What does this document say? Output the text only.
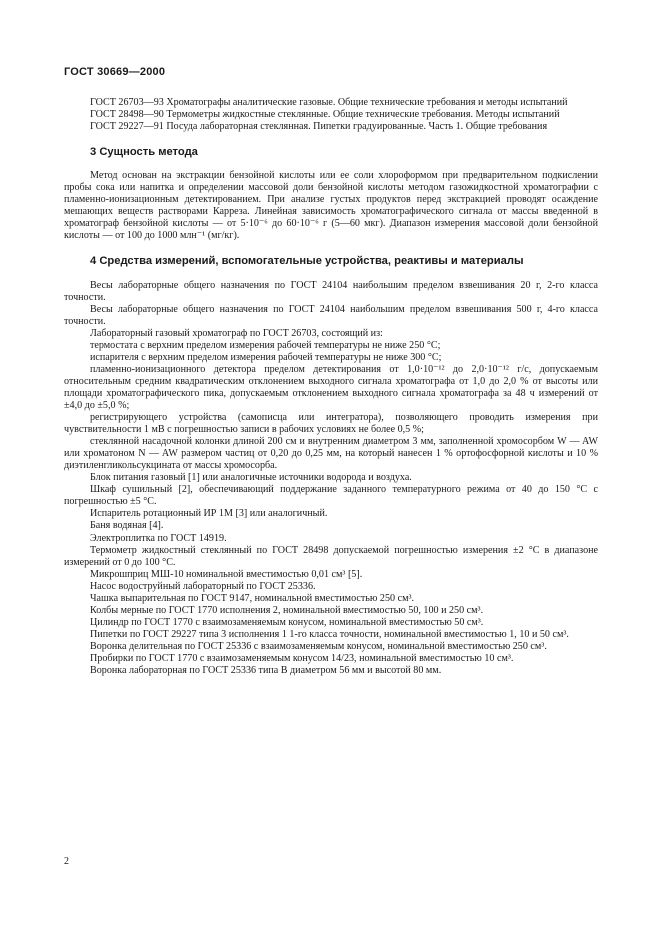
ГОСТ 30669—2000

ГОСТ 26703—93 Хроматографы аналитические газовые. Общие технические требования и методы испытаний

ГОСТ 28498—90 Термометры жидкостные стеклянные. Общие технические требования. Методы испытаний

ГОСТ 29227—91 Посуда лабораторная стеклянная. Пипетки градуированные. Часть 1. Общие требования

3 Сущность метода

Метод основан на экстракции бензойной кислоты или ее соли хлороформом при предварительном подкислении пробы сока или напитка и определении массовой доли бензойной кислоты методом газожидкостной хроматографии с пламенно-ионизационным детектированием. При анализе густых продуктов перед экстракцией проводят осаждение мешающих веществ растворами Карреза. Линейная зависимость хроматографического сигнала от массы введенной в хроматограф бензойной кислоты — от 5·10⁻⁶ до 60·10⁻⁶ г (5—60 мкг). Диапазон измерения массовой доли бензойной кислоты — от 100 до 1000 млн⁻¹ (мг/кг).

4 Средства измерений, вспомогательные устройства, реактивы и материалы

Весы лабораторные общего назначения по ГОСТ 24104 наибольшим пределом взвешивания 20 г, 2-го класса точности.

Весы лабораторные общего назначения по ГОСТ 24104 наибольшим пределом взвешивания 500 г, 4-го класса точности.

Лабораторный газовый хроматограф по ГОСТ 26703, состоящий из:

термостата с верхним пределом измерения рабочей температуры не ниже 250 °С;

испарителя с верхним пределом измерения рабочей температуры не ниже 300 °С;

пламенно-ионизационного детектора пределом детектирования от 1,0·10⁻¹² до 2,0·10⁻¹² г/с, допускаемым относительным средним квадратическим отклонением выходного сигнала хроматографа от 1,0 до 2,0 % от высоты или площади хроматографического пика, допускаемым отклонением выходного сигнала хроматографа за 48 ч измерений от ±4,0 до ±5,0 %;

регистрирующего устройства (самописца или интегратора), позволяющего проводить измерения при чувствительности 1 мВ с погрешностью записи в рабочих условиях не более 0,5 %;

стеклянной насадочной колонки длиной 200 см и внутренним диаметром 3 мм, заполненной хромосорбом W — AW или хроматоном N — AW размером частиц от 0,20 до 0,25 мм, на который нанесен 1 % ортофосфорной кислоты и 10 % диэтиленгликольсукцината от массы хромосорба.

Блок питания газовый [1] или аналогичные источники водорода и воздуха.

Шкаф сушильный [2], обеспечивающий поддержание заданного температурного режима от 40 до 150 °С с погрешностью ±5 °С.

Испаритель ротационный ИР 1М [3] или аналогичный.

Баня водяная [4].

Электроплитка по ГОСТ 14919.

Термометр жидкостный стеклянный по ГОСТ 28498 допускаемой погрешностью измерения ±2 °С в диапазоне измерений от 0 до 100 °С.

Микрошприц МШ-10 номинальной вместимостью 0,01 см³ [5].

Насос водоструйный лабораторный по ГОСТ 25336.

Чашка выпарительная по ГОСТ 9147, номинальной вместимостью 250 см³.

Колбы мерные по ГОСТ 1770 исполнения 2, номинальной вместимостью 50, 100 и 250 см³.

Цилиндр по ГОСТ 1770 с взаимозаменяемым конусом, номинальной вместимостью 50 см³.

Пипетки по ГОСТ 29227 типа 3 исполнения 1 1-го класса точности, номинальной вместимостью 1, 10 и 50 см³.

Воронка делительная по ГОСТ 25336 с взаимозаменяемым конусом, номинальной вместимостью 250 см³.

Пробирки по ГОСТ 1770 с взаимозаменяемым конусом 14/23, номинальной вместимостью 10 см³.

Воронка лабораторная по ГОСТ 25336 типа В диаметром 56 мм и высотой 80 мм.

2
